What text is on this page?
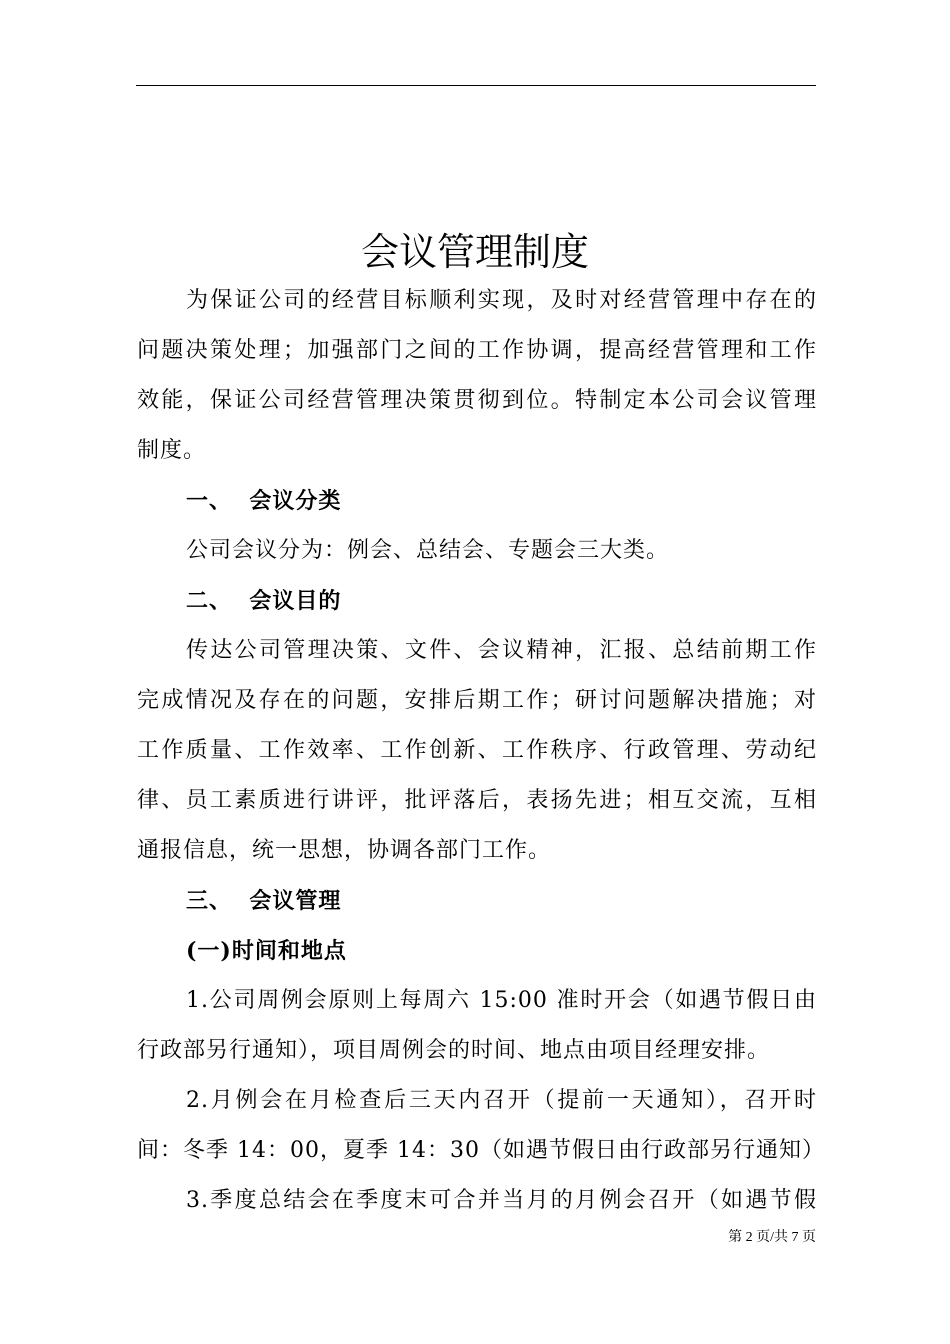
会议管理制度
为保证公司的经营目标顺利实现，及时对经营管理中存在的
问题决策处理；加强部门之间的工作协调，提高经营管理和工作
效能，保证公司经营管理决策贯彻到位。特制定本公司会议管理
制度。
一、  会议分类
公司会议分为：例会、总结会、专题会三大类。
二、  会议目的
传达公司管理决策、文件、会议精神，汇报、总结前期工作
完成情况及存在的问题，安排后期工作；研讨问题解决措施；对
工作质量、工作效率、工作创新、工作秩序、行政管理、劳动纪
律、员工素质进行讲评，批评落后，表扬先进；相互交流，互相
通报信息，统一思想，协调各部门工作。
三、  会议管理
(一)时间和地点
1.公司周例会原则上每周六 15:00 准时开会（如遇节假日由
行政部另行通知），项目周例会的时间、地点由项目经理安排。
2.月例会在月检查后三天内召开（提前一天通知），召开时
间：冬季 14：00，夏季 14：30（如遇节假日由行政部另行通知）
3.季度总结会在季度末可合并当月的月例会召开（如遇节假
第 2 页/共 7 页
